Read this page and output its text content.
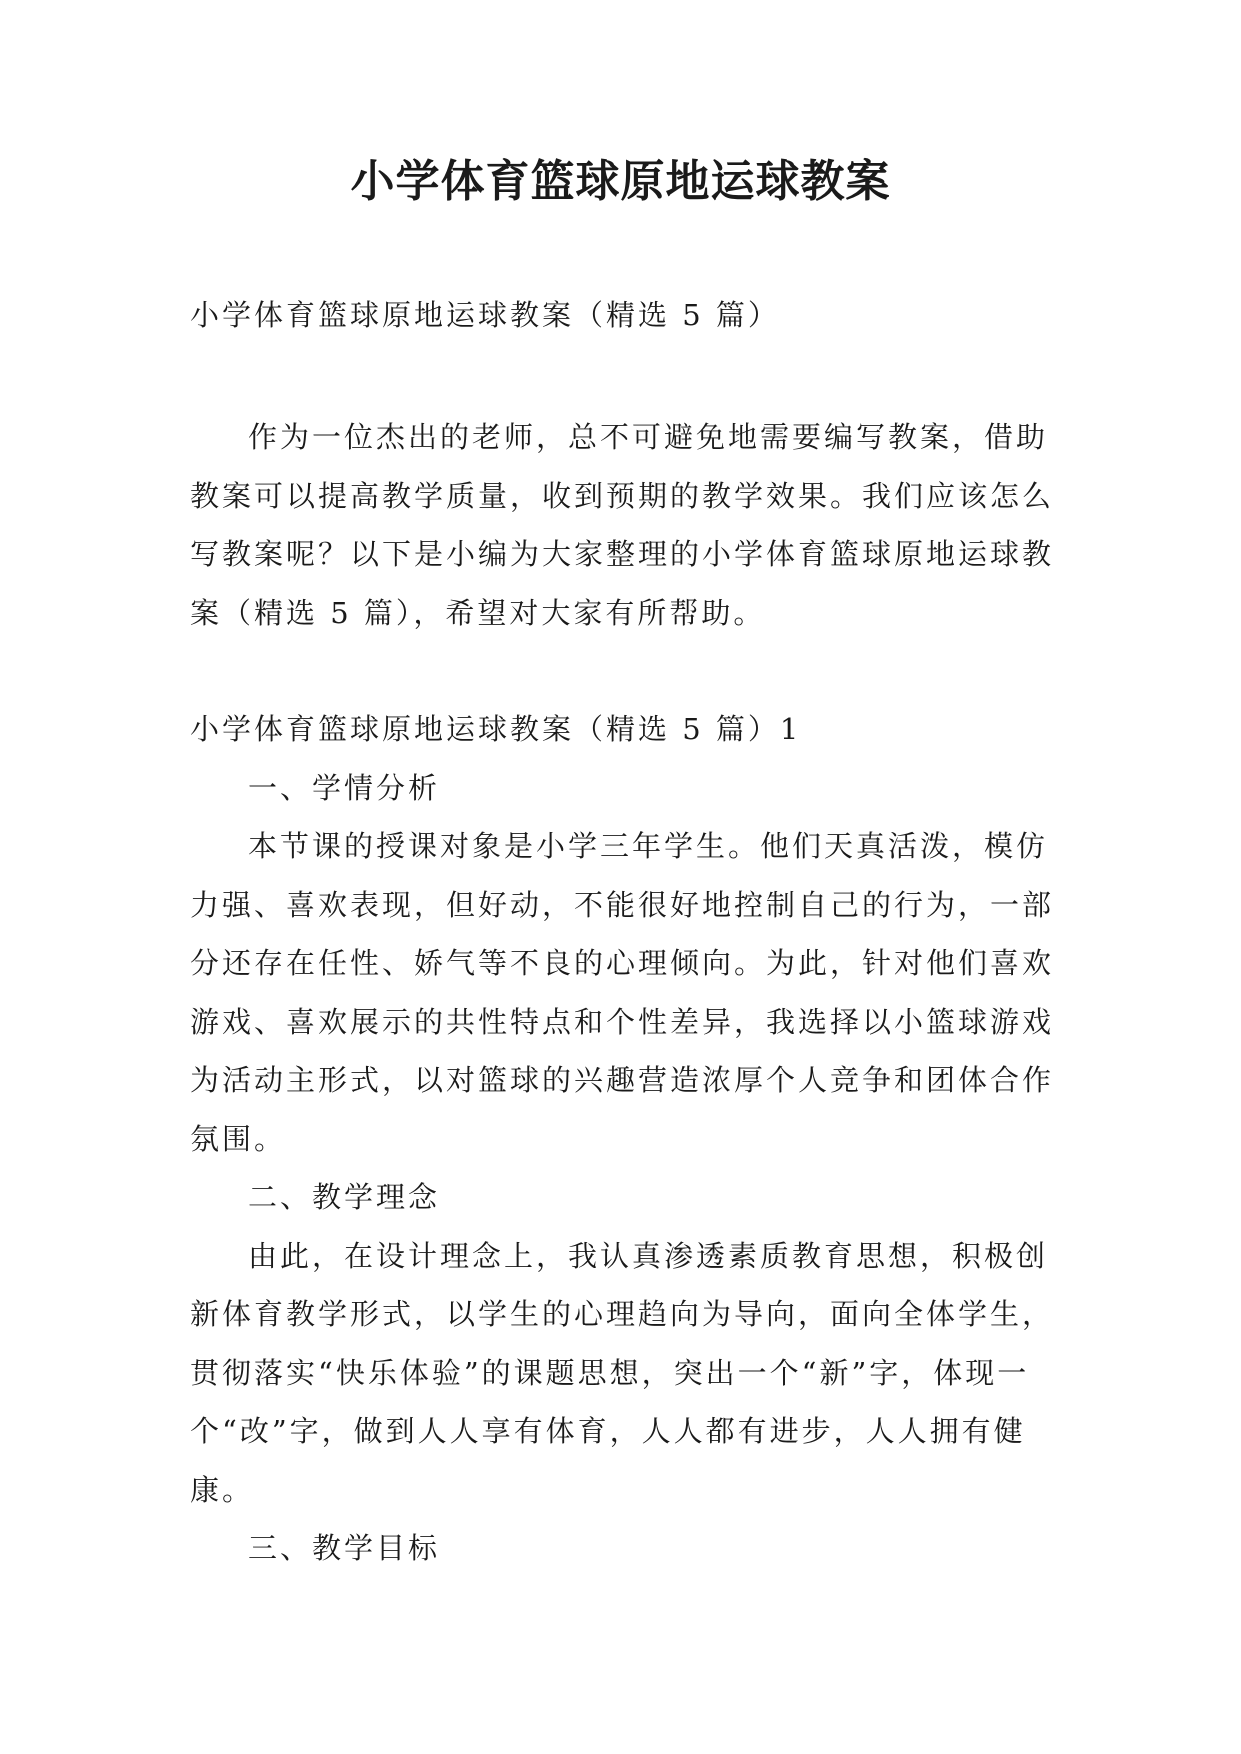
小学体育篮球原地运球教案

小学体育篮球原地运球教案（精选 5 篇）

作为一位杰出的老师，总不可避免地需要编写教案，借助教案可以提高教学质量，收到预期的教学效果。我们应该怎么写教案呢？以下是小编为大家整理的小学体育篮球原地运球教案（精选 5 篇），希望对大家有所帮助。

小学体育篮球原地运球教案（精选 5 篇）1

一、学情分析

本节课的授课对象是小学三年学生。他们天真活泼，模仿力强、喜欢表现，但好动，不能很好地控制自己的行为，一部分还存在任性、娇气等不良的心理倾向。为此，针对他们喜欢游戏、喜欢展示的共性特点和个性差异，我选择以小篮球游戏为活动主形式，以对篮球的兴趣营造浓厚个人竞争和团体合作氛围。

二、教学理念

由此，在设计理念上，我认真渗透素质教育思想，积极创新体育教学形式，以学生的心理趋向为导向，面向全体学生，贯彻落实“快乐体验”的课题思想，突出一个“新”字，体现一个“改”字，做到人人享有体育，人人都有进步，人人拥有健康。

三、教学目标
